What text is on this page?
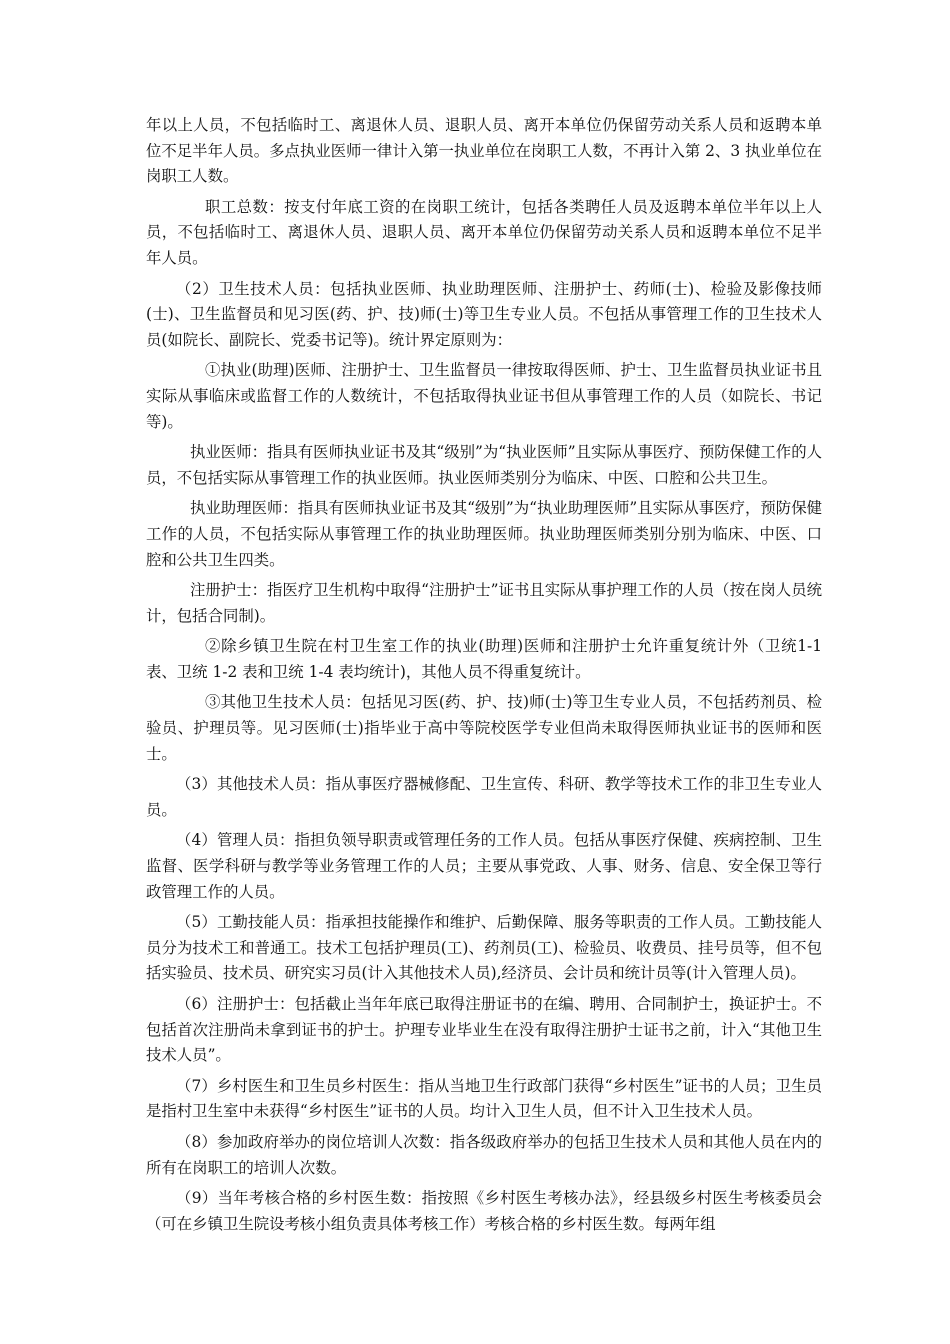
年以上人员，不包括临时工、离退休人员、退职人员、离开本单位仍保留劳动关系人员和返聘本单位不足半年人员。多点执业医师一律计入第一执业单位在岗职工人数，不再计入第 2、3 执业单位在岗职工人数。

职工总数：按支付年底工资的在岗职工统计，包括各类聘任人员及返聘本单位半年以上人员，不包括临时工、离退休人员、退职人员、离开本单位仍保留劳动关系人员和返聘本单位不足半年人员。

（2）卫生技术人员：包括执业医师、执业助理医师、注册护士、药师(士)、检验及影像技师(士)、卫生监督员和见习医(药、护、技)师(士)等卫生专业人员。不包括从事管理工作的卫生技术人员(如院长、副院长、党委书记等)。统计界定原则为：

①执业(助理)医师、注册护士、卫生监督员一律按取得医师、护士、卫生监督员执业证书且实际从事临床或监督工作的人数统计，不包括取得执业证书但从事管理工作的人员（如院长、书记等)。

执业医师：指具有医师执业证书及其“级别”为“执业医师”且实际从事医疗、预防保健工作的人员，不包括实际从事管理工作的执业医师。执业医师类别分为临床、中医、口腔和公共卫生。

执业助理医师：指具有医师执业证书及其“级别”为“执业助理医师”且实际从事医疗，预防保健工作的人员，不包括实际从事管理工作的执业助理医师。执业助理医师类别分别为临床、中医、口腔和公共卫生四类。

注册护士：指医疗卫生机构中取得“注册护士”证书且实际从事护理工作的人员（按在岗人员统计，包括合同制)。

②除乡镇卫生院在村卫生室工作的执业(助理)医师和注册护士允许重复统计外（卫统1-1 表、卫统 1-2 表和卫统 1-4 表均统计)，其他人员不得重复统计。

③其他卫生技术人员：包括见习医(药、护、技)师(士)等卫生专业人员，不包括药剂员、检验员、护理员等。见习医师(士)指毕业于高中等院校医学专业但尚未取得医师执业证书的医师和医士。

（3）其他技术人员：指从事医疗器械修配、卫生宣传、科研、教学等技术工作的非卫生专业人员。

（4）管理人员：指担负领导职责或管理任务的工作人员。包括从事医疗保健、疾病控制、卫生监督、医学科研与教学等业务管理工作的人员；主要从事党政、人事、财务、信息、安全保卫等行政管理工作的人员。

（5）工勤技能人员：指承担技能操作和维护、后勤保障、服务等职责的工作人员。工勤技能人员分为技术工和普通工。技术工包括护理员(工)、药剂员(工)、检验员、收费员、挂号员等，但不包括实验员、技术员、研究实习员(计入其他技术人员),经济员、会计员和统计员等(计入管理人员)。

（6）注册护士：包括截止当年年底已取得注册证书的在编、聘用、合同制护士，换证护士。不包括首次注册尚未拿到证书的护士。护理专业毕业生在没有取得注册护士证书之前，计入“其他卫生技术人员”。

（7）乡村医生和卫生员乡村医生：指从当地卫生行政部门获得“乡村医生”证书的人员；卫生员是指村卫生室中未获得“乡村医生”证书的人员。均计入卫生人员，但不计入卫生技术人员。

（8）参加政府举办的岗位培训人次数：指各级政府举办的包括卫生技术人员和其他人员在内的所有在岗职工的培训人次数。

（9）当年考核合格的乡村医生数：指按照《乡村医生考核办法》，经县级乡村医生考核委员会（可在乡镇卫生院设考核小组负责具体考核工作）考核合格的乡村医生数。每两年组
